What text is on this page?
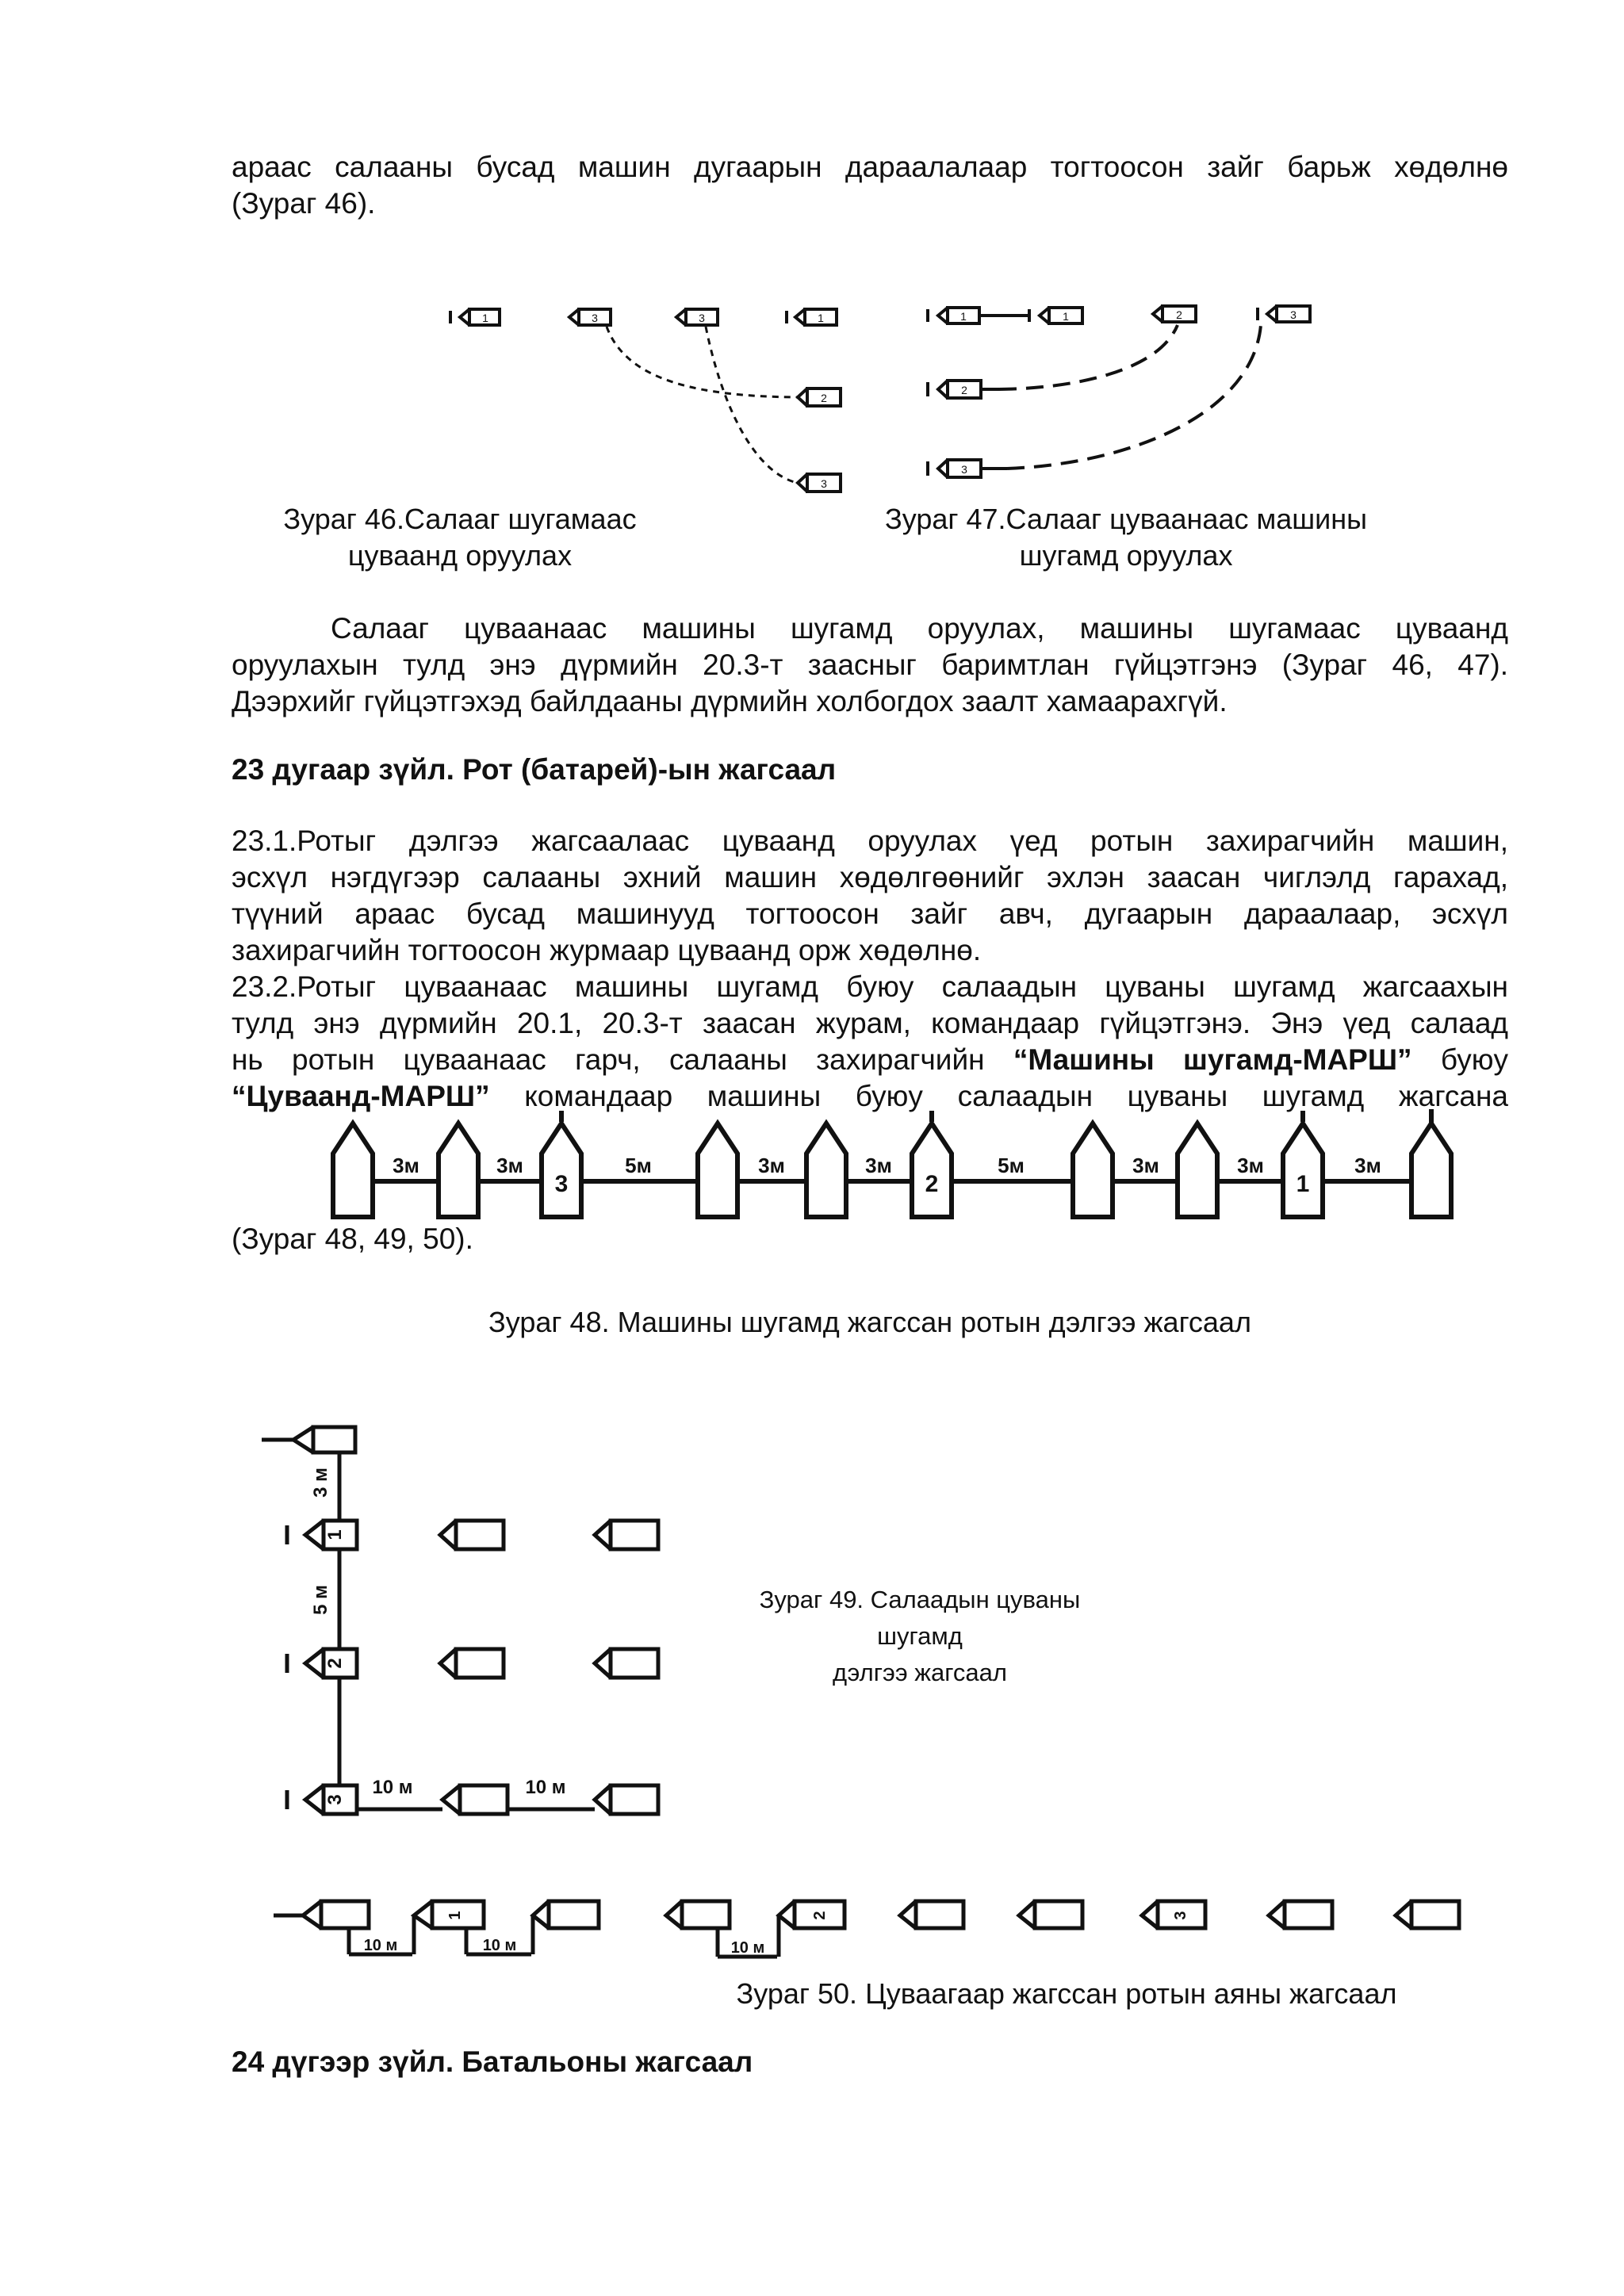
араас салааны бусад машин дугаарын дараалалаар тогтоосон зайг барьж хөдөлнө

(Зураг 46).

1	3	3	1
2
3
1	1	2	3
2
3
Зураг 46.Салааг шугамаас
цуваанд оруулах
Зураг 47.Салааг цуваанаас машины
шугамд оруулах

Салааг цуваанаас машины шугамд оруулах, машины шугамаас цуваанд

оруулахын тулд энэ дүрмийн 20.3-т заасныг баримтлан гүйцэтгэнэ (Зураг 46, 47).

Дээрхийг гүйцэтгэхэд байлдааны дүрмийн холбогдох заалт хамаарахгүй.

23 дугаар зүйл. Рот (батарей)-ын жагсаал

23.1.Ротыг дэлгээ жагсаалаас цуваанд оруулах үед ротын захирагчийн машин,

эсхүл нэгдүгээр салааны эхний машин хөдөлгөөнийг эхлэн заасан чиглэлд гарахад,

түүний араас бусад машинууд тогтоосон зайг авч, дугаарын дараалаар, эсхүл

захирагчийн тогтоосон журмаар цуваанд орж хөдөлнө.

23.2.Ротыг цуваанаас машины шугамд буюу салаадын цуваны шугамд жагсаахын

тулд энэ дүрмийн 20.1, 20.3-т заасан журам, командаар гүйцэтгэнэ. Энэ үед салаад

нь ротын цуваанаас гарч, салааны захирагчийн “Машины шугамд-МАРШ” буюу

“Цуваанд-МАРШ” командаар машины буюу салаадын цуваны шугамд жагсана

3м	3м	5м	3м	3м	5м	3м	3м	3м
3	2	1

(Зураг 48, 49, 50).

Зураг 48. Машины шугамд жагссан ротын дэлгээ жагсаал
3 м
5 м
10 м	10 м
1
2
3
Зураг 49. Салаадын цуваны шугамд
дэлгээ жагсаал
10 м	10 м	10 м
1	2	3
Зураг 50. Цуваагаар жагссан ротын аяны жагсаал

24 дүгээр зүйл. Батальоны жагсаал
